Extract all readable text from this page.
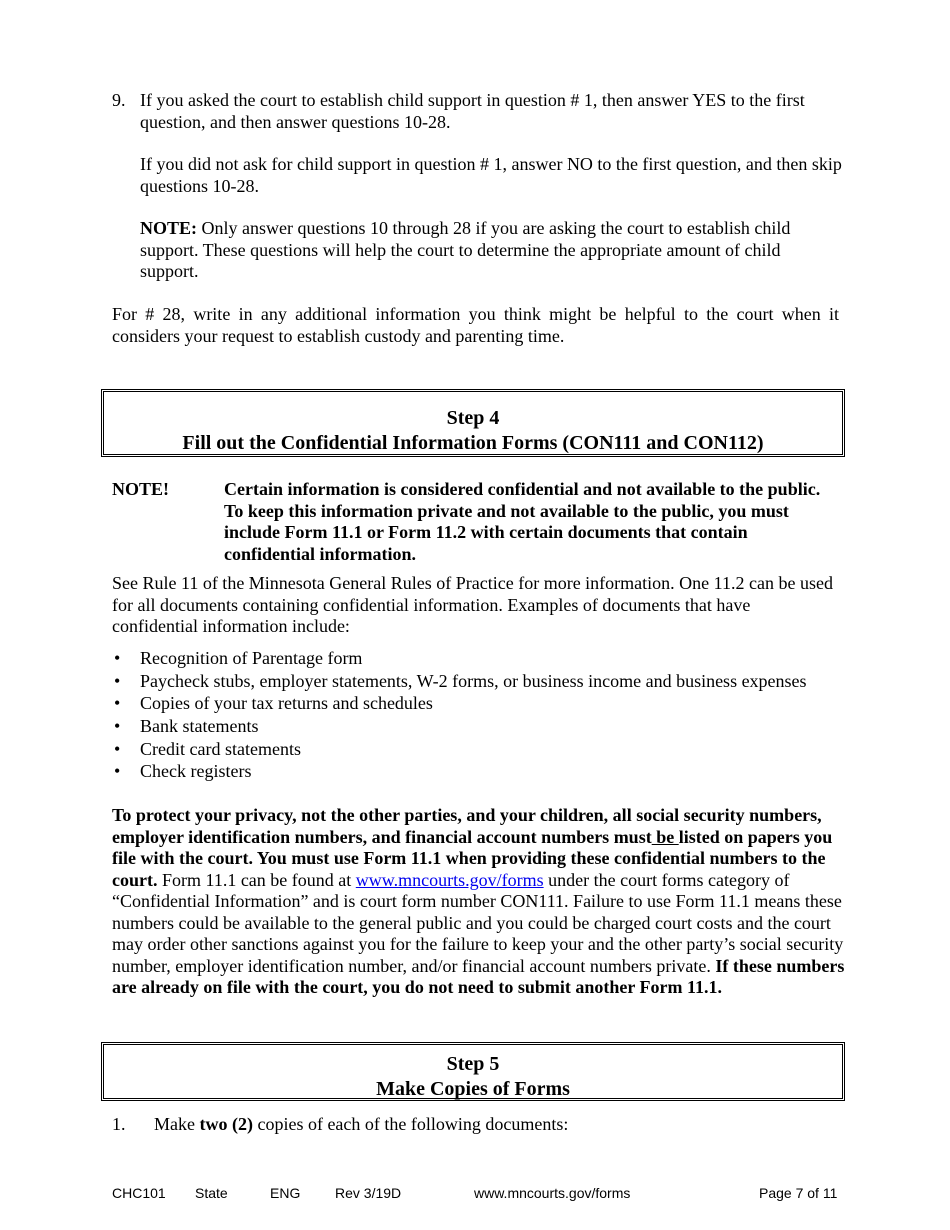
9. If you asked the court to establish child support in question # 1, then answer YES to the first question, and then answer questions 10-28.

If you did not ask for child support in question # 1, answer NO to the first question, and then skip questions 10-28.

NOTE: Only answer questions 10 through 28 if you are asking the court to establish child support. These questions will help the court to determine the appropriate amount of child support.

For # 28, write in any additional information you think might be helpful to the court when it considers your request to establish custody and parenting time.

Step 4
Fill out the Confidential Information Forms (CON111 and CON112)
NOTE!	Certain information is considered confidential and not available to the public. To keep this information private and not available to the public, you must include Form 11.1 or Form 11.2 with certain documents that contain confidential information.

See Rule 11 of the Minnesota General Rules of Practice for more information. One 11.2 can be used for all documents containing confidential information. Examples of documents that have confidential information include:

• Recognition of Parentage form
• Paycheck stubs, employer statements, W-2 forms, or business income and business expenses
• Copies of your tax returns and schedules
• Bank statements
• Credit card statements
• Check registers

To protect your privacy, not the other parties, and your children, all social security numbers, employer identification numbers, and financial account numbers must be listed on papers you file with the court. You must use Form 11.1 when providing these confidential numbers to the court. Form 11.1 can be found at www.mncourts.gov/forms under the court forms category of “Confidential Information” and is court form number CON111. Failure to use Form 11.1 means these numbers could be available to the general public and you could be charged court costs and the court may order other sanctions against you for the failure to keep your and the other party’s social security number, employer identification number, and/or financial account numbers private. If these numbers are already on file with the court, you do not need to submit another Form 11.1.

Step 5
Make Copies of Forms
1. Make two (2) copies of each of the following documents:
CHC101 State	ENG Rev 3/19D	www.mncourts.gov/forms	Page 7 of 11
